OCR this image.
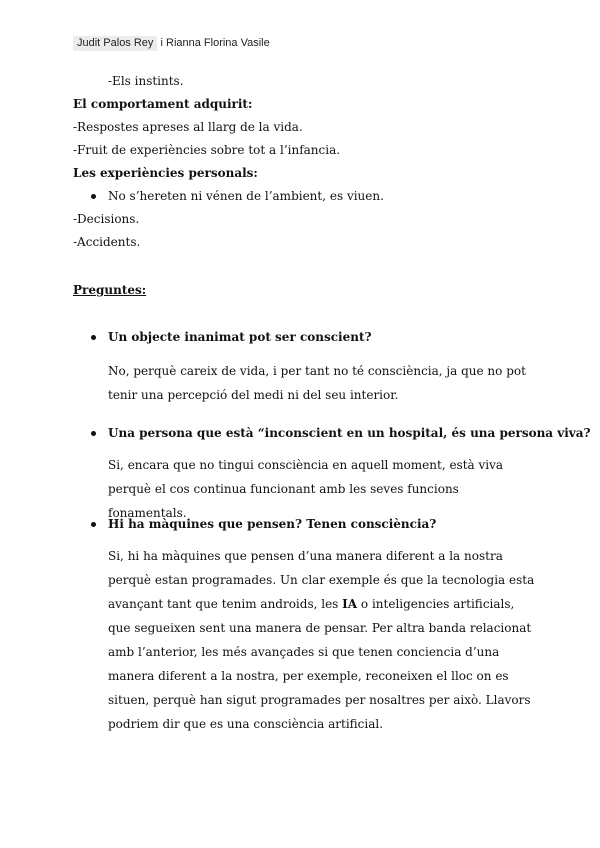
Judit Palos Rey i Rianna Florina Vasile
-Els instints.
El comportament adquirit:
-Respostes apreses al llarg de la vida.
-Fruit de experiències sobre tot a l’infancia.
Les experiències personals:
No s’hereten ni vénen de l’ambient, es viuen.
-Decisions.
-Accidents.
Preguntes:
Un objecte inanimat pot ser conscient?
No, perquè careix de vida, i per tant no té consciència, ja que no pot tenir una percepció del medi ni del seu interior.
Una persona que està “inconscient en un hospital, és una persona viva?
Si, encara que no tingui consciència en aquell moment, està viva perquè el cos continua funcionant amb les seves funcions fonamentals.
Hi ha màquines que pensen? Tenen consciència?
Si, hi ha màquines que pensen d’una manera diferent a la nostra perquè estan programades. Un clar exemple és que la tecnologia esta avançant tant que tenim androids, les IA o inteligencies artificials, que segueixen sent una manera de pensar. Per altra banda relacionat amb l’anterior, les més avançades si que tenen conciencia d’una manera diferent a la nostra, per exemple, reconeixen el lloc on es situen, perquè han sigut programades per nosaltres per això. Llavors podriem dir que es una consciència artificial.
